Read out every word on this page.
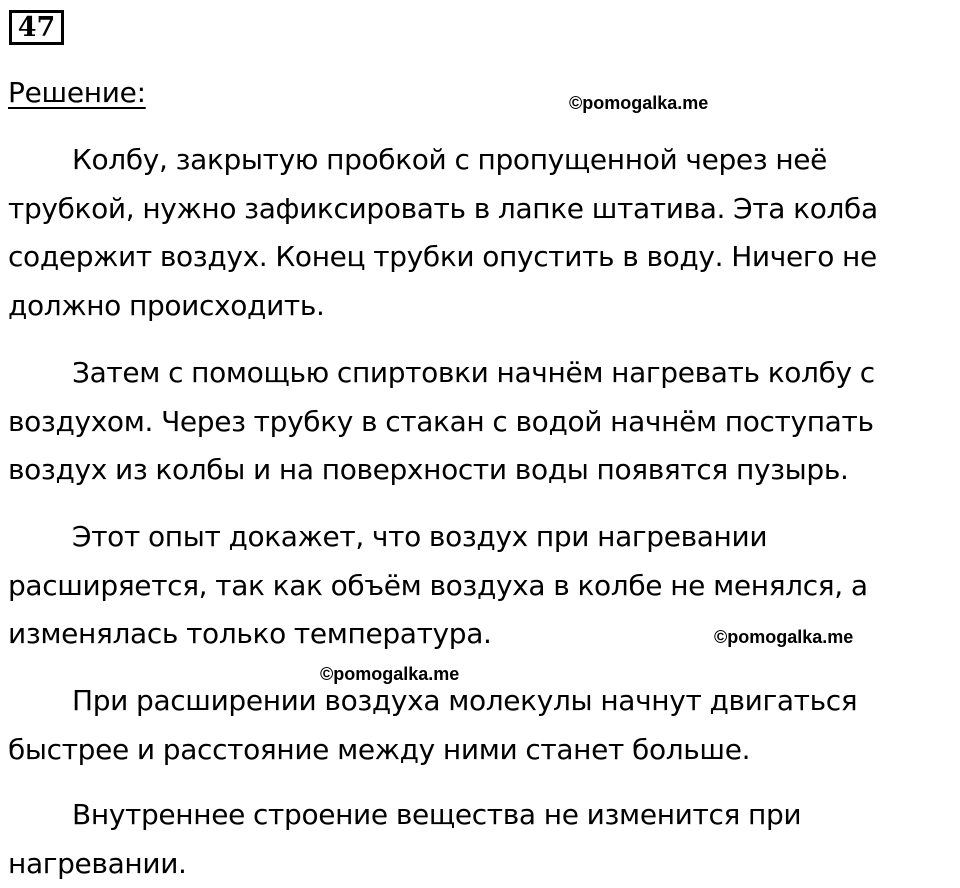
47
Решение:	©pomogalka.me

Колбу, закрытую пробкой с пропущенной через неё трубкой, нужно зафиксировать в лапке штатива. Эта колба содержит воздух. Конец трубки опустить в воду. Ничего не должно происходить.

Затем с помощью спиртовки начнём нагревать колбу с воздухом. Через трубку в стакан с водой начнём поступать воздух из колбы и на поверхности воды появятся пузырь.

Этот опыт докажет, что воздух при нагревании расширяется, так как объём воздуха в колбе не менялся, а изменялась только температура.	©pomogalka.me
©pomogalka.me

При расширении воздуха молекулы начнут двигаться быстрее и расстояние между ними станет больше.

Внутреннее строение вещества не изменится при нагревании.
